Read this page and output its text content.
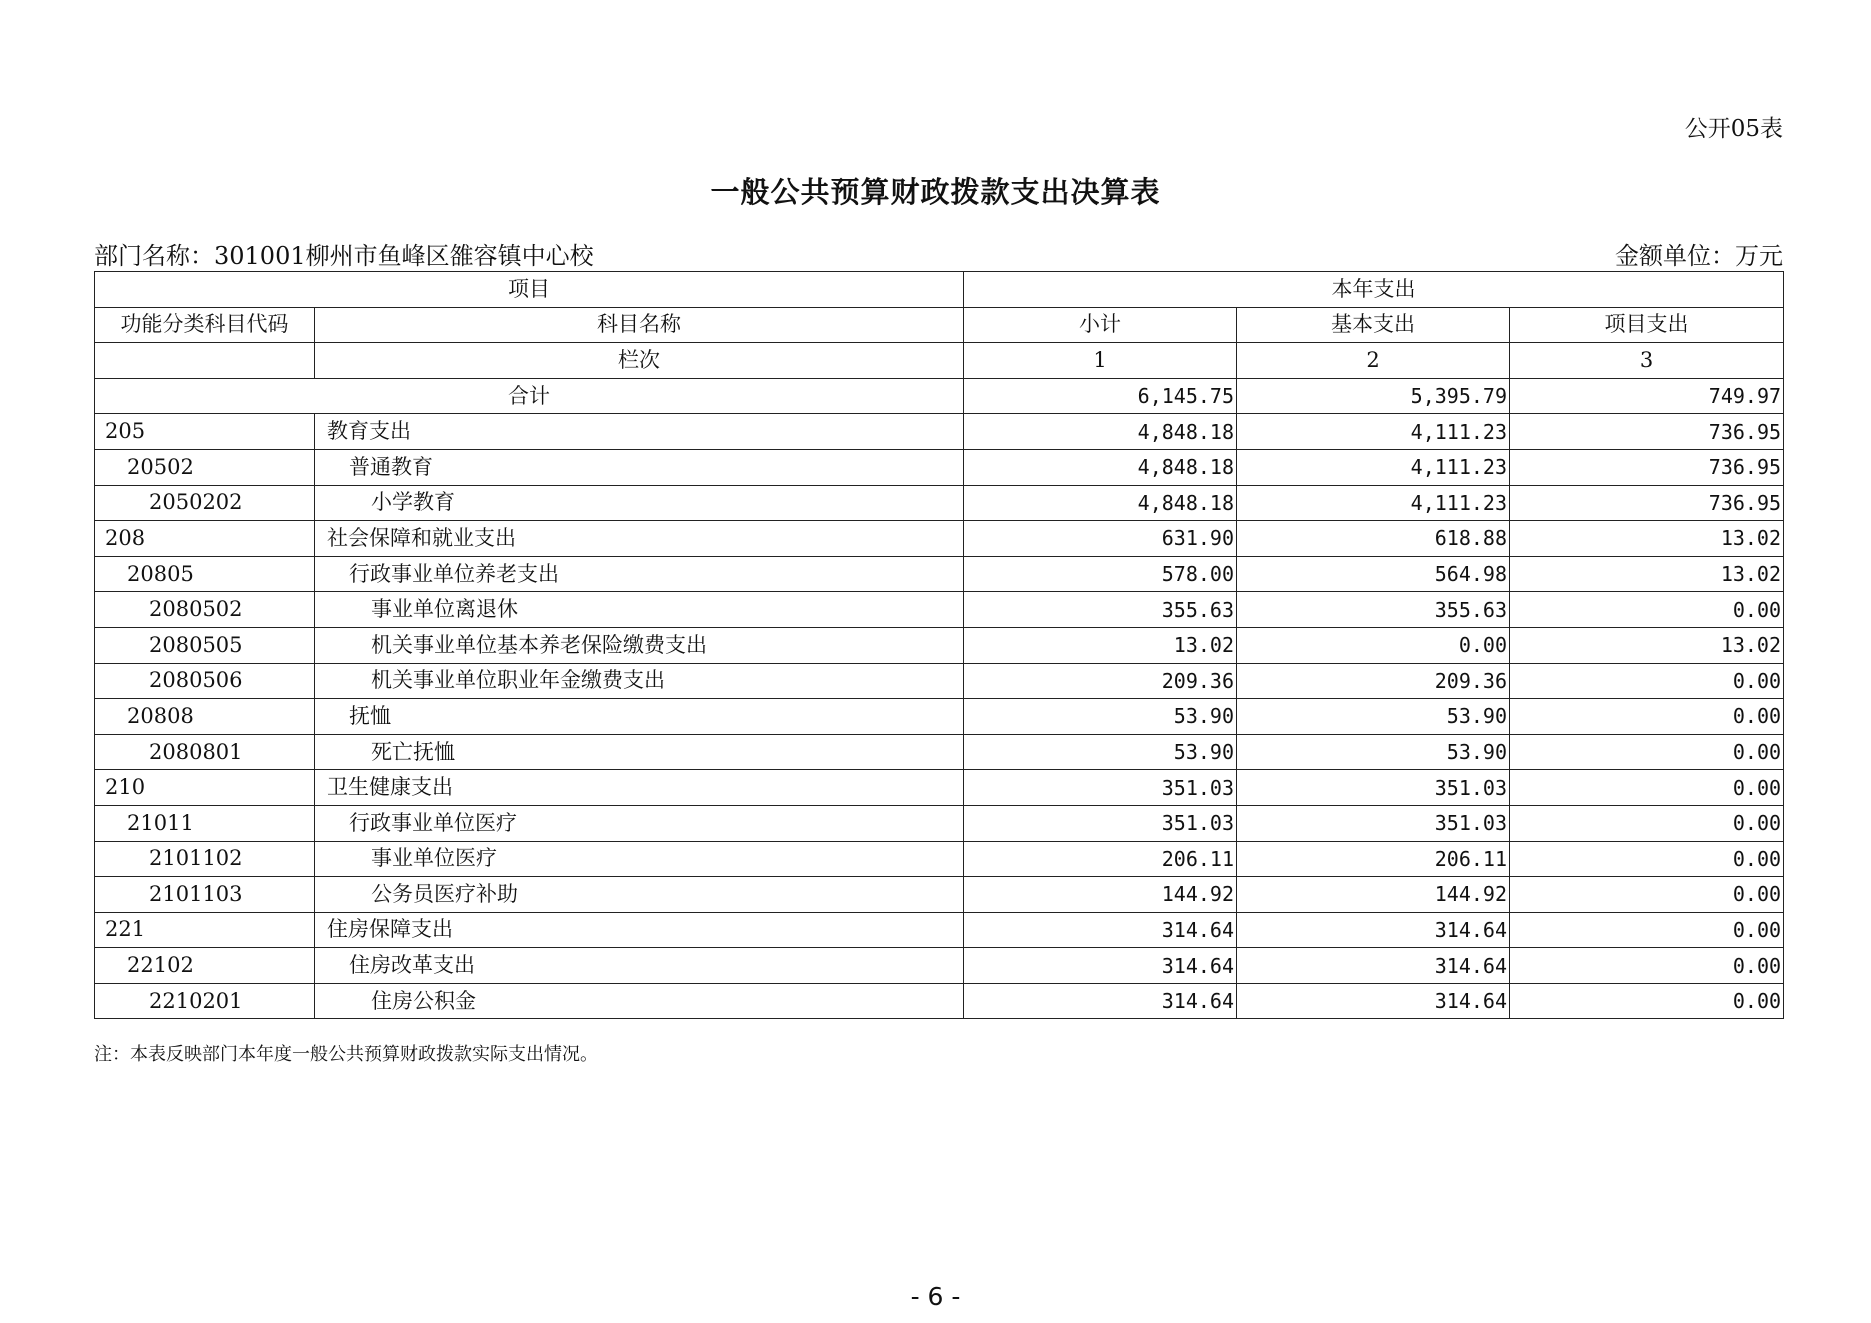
公开05表
一般公共预算财政拨款支出决算表
部门名称：301001柳州市鱼峰区雒容镇中心校	金额单位：万元
项目		本年支出		
功能分类科目代码	科目名称	小计	基本支出	项目支出
	栏次	1	2	3
合计		6,145.75	5,395.79	749.97
205	教育支出	4,848.18	4,111.23	736.95
20502	普通教育	4,848.18	4,111.23	736.95
2050202	小学教育	4,848.18	4,111.23	736.95
208	社会保障和就业支出	631.90	618.88	13.02
20805	行政事业单位养老支出	578.00	564.98	13.02
2080502	事业单位离退休	355.63	355.63	0.00
2080505	机关事业单位基本养老保险缴费支出	13.02	0.00	13.02
2080506	机关事业单位职业年金缴费支出	209.36	209.36	0.00
20808	抚恤	53.90	53.90	0.00
2080801	死亡抚恤	53.90	53.90	0.00
210	卫生健康支出	351.03	351.03	0.00
21011	行政事业单位医疗	351.03	351.03	0.00
2101102	事业单位医疗	206.11	206.11	0.00
2101103	公务员医疗补助	144.92	144.92	0.00
221	住房保障支出	314.64	314.64	0.00
22102	住房改革支出	314.64	314.64	0.00
2210201	住房公积金	314.64	314.64	0.00
注：本表反映部门本年度一般公共预算财政拨款实际支出情况。
- 6 -
